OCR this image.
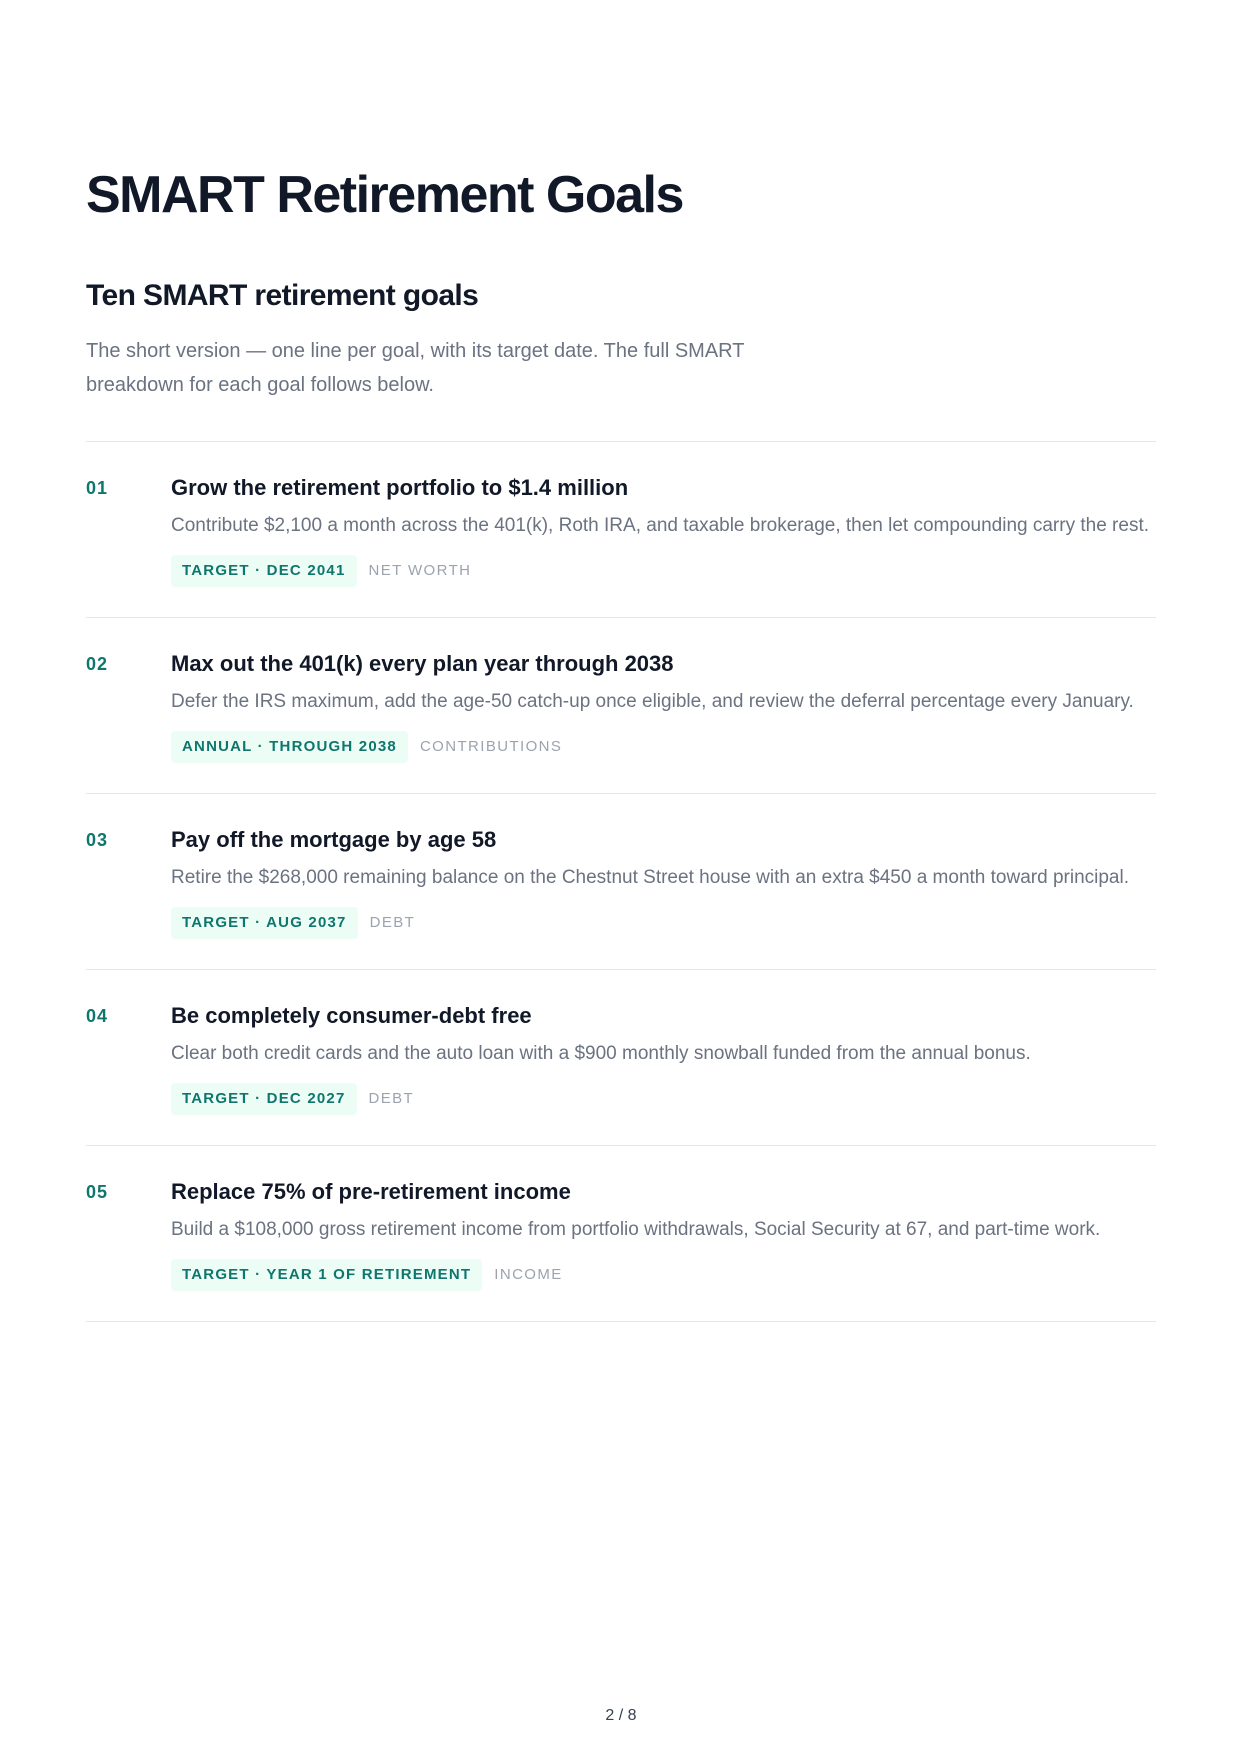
SMART Retirement Goals
Ten SMART retirement goals

The short version — one line per goal, with its target date. The full SMART breakdown for each goal follows below.

01	Grow the retirement portfolio to $1.4 million

Contribute $2,100 a month across the 401(k), Roth IRA, and taxable brokerage, then let compounding carry the rest.

TARGET · DEC 2041	NET WORTH
02	Max out the 401(k) every plan year through 2038

Defer the IRS maximum, add the age-50 catch-up once eligible, and review the deferral percentage every January.

ANNUAL · THROUGH 2038	CONTRIBUTIONS
03	Pay off the mortgage by age 58

Retire the $268,000 remaining balance on the Chestnut Street house with an extra $450 a month toward principal.

TARGET · AUG 2037	DEBT
04	Be completely consumer-debt free

Clear both credit cards and the auto loan with a $900 monthly snowball funded from the annual bonus.

TARGET · DEC 2027	DEBT
05	Replace 75% of pre-retirement income

Build a $108,000 gross retirement income from portfolio withdrawals, Social Security at 67, and part-time work.

TARGET · YEAR 1 OF RETIREMENT	INCOME
2 / 8
